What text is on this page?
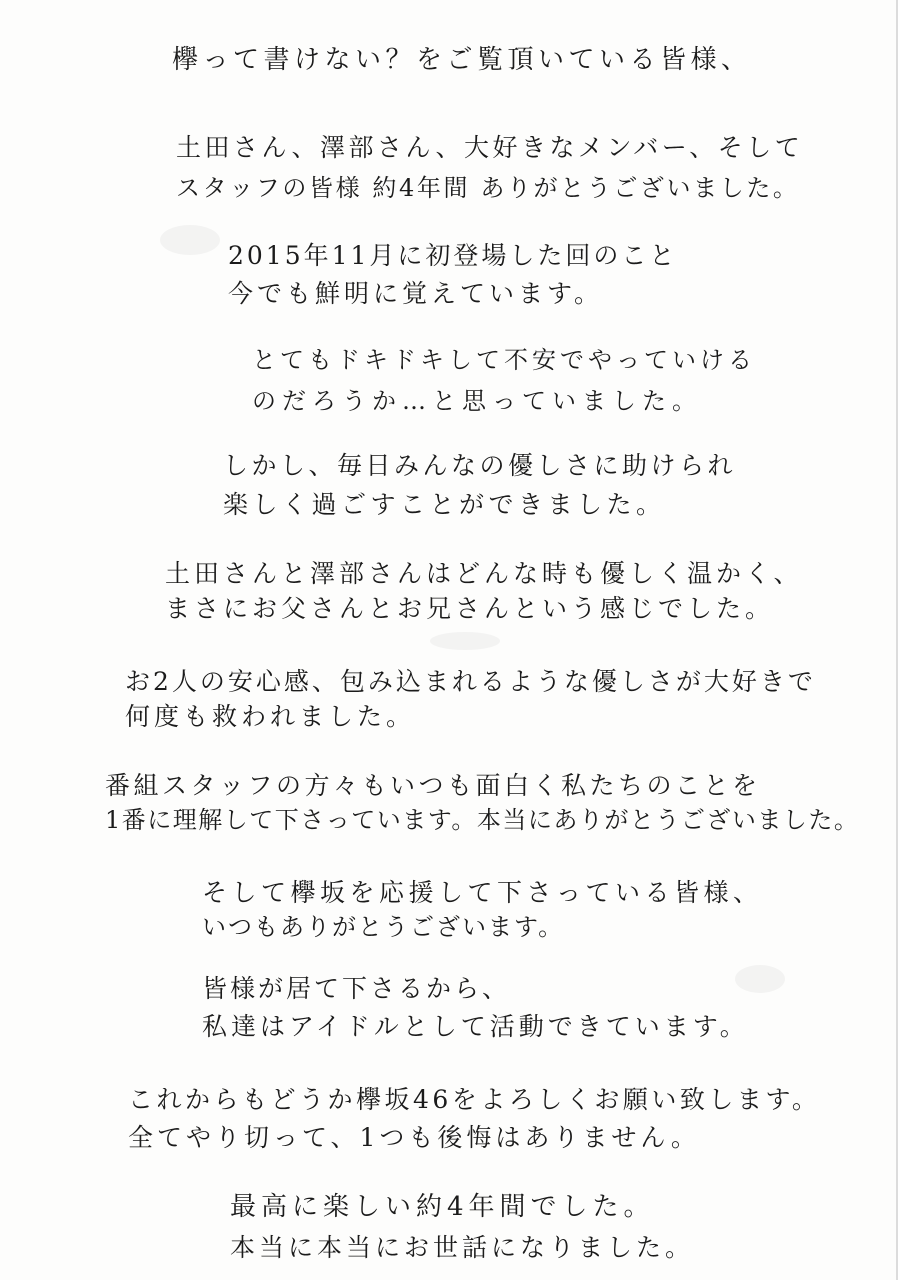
欅って書けない？をご覧頂いている皆様、

土田さん、澤部さん、大好きなメンバー、そして

スタッフの皆様 約4年間 ありがとうございました。

2015年11月に初登場した回のこと

今でも鮮明に覚えています。

とてもドキドキして不安でやっていける

のだろうか…と思っていました。

しかし、毎日みんなの優しさに助けられ

楽しく過ごすことができました。

土田さんと澤部さんはどんな時も優しく温かく、

まさにお父さんとお兄さんという感じでした。

お2人の安心感、包み込まれるような優しさが大好きで

何度も救われました。

番組スタッフの方々もいつも面白く私たちのことを

1番に理解して下さっています。本当にありがとうございました。

そして欅坂を応援して下さっている皆様、

いつもありがとうございます。

皆様が居て下さるから、

私達はアイドルとして活動できています。

これからもどうか欅坂46をよろしくお願い致します。

全てやり切って、1つも後悔はありません。

最高に楽しい約4年間でした。

本当に本当にお世話になりました。
